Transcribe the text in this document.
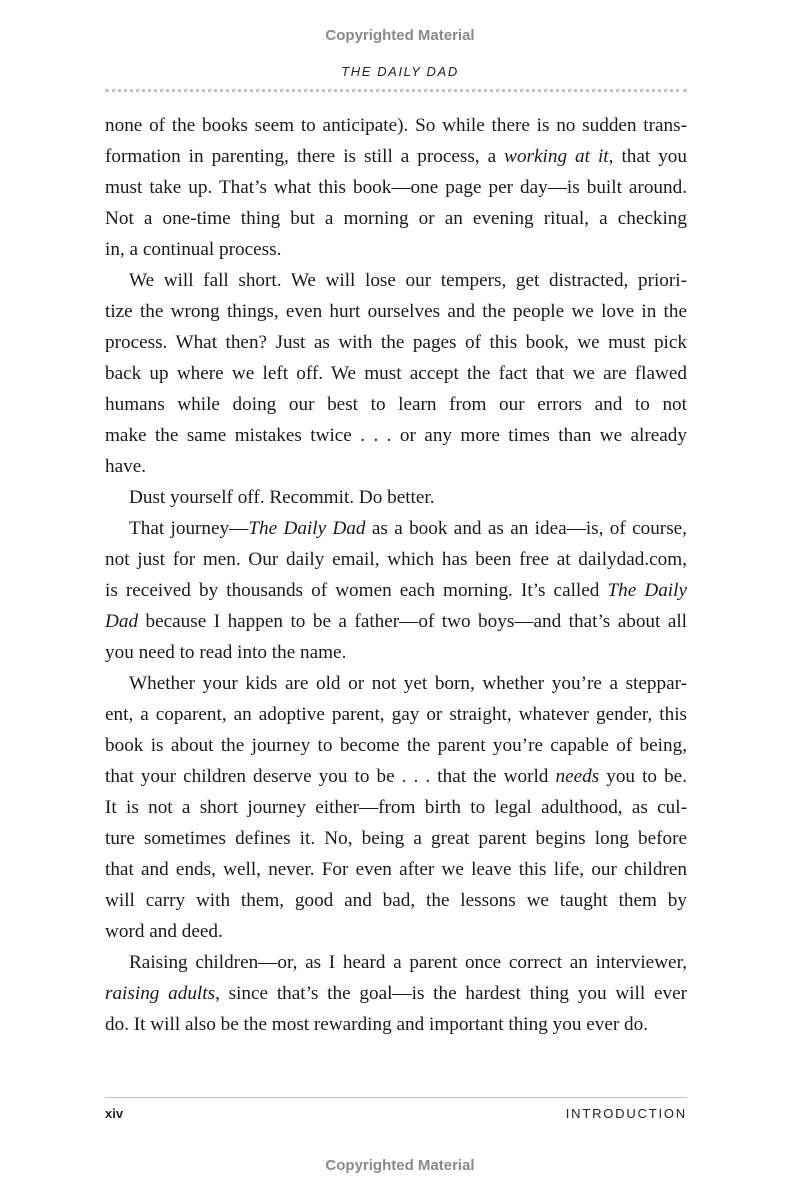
Copyrighted Material
THE DAILY DAD
none of the books seem to anticipate). So while there is no sudden trans-
formation in parenting, there is still a process, a working at it, that you
must take up. That’s what this book—one page per day—is built around.
Not a one-time thing but a morning or an evening ritual, a checking
in, a continual process.
We will fall short. We will lose our tempers, get distracted, priori-
tize the wrong things, even hurt ourselves and the people we love in the
process. What then? Just as with the pages of this book, we must pick
back up where we left off. We must accept the fact that we are flawed
humans while doing our best to learn from our errors and to not
make the same mistakes twice . . . or any more times than we already
have.
Dust yourself off. Recommit. Do better.
That journey—The Daily Dad as a book and as an idea—is, of course,
not just for men. Our daily email, which has been free at dailydad.com,
is received by thousands of women each morning. It’s called The Daily
Dad because I happen to be a father—of two boys—and that’s about all
you need to read into the name.
Whether your kids are old or not yet born, whether you’re a steppar-
ent, a coparent, an adoptive parent, gay or straight, whatever gender, this
book is about the journey to become the parent you’re capable of being,
that your children deserve you to be . . . that the world needs you to be.
It is not a short journey either—from birth to legal adulthood, as cul-
ture sometimes defines it. No, being a great parent begins long before
that and ends, well, never. For even after we leave this life, our children
will carry with them, good and bad, the lessons we taught them by
word and deed.
Raising children—or, as I heard a parent once correct an interviewer,
raising adults, since that’s the goal—is the hardest thing you will ever
do. It will also be the most rewarding and important thing you ever do.
xiv	INTRODUCTION
Copyrighted Material
